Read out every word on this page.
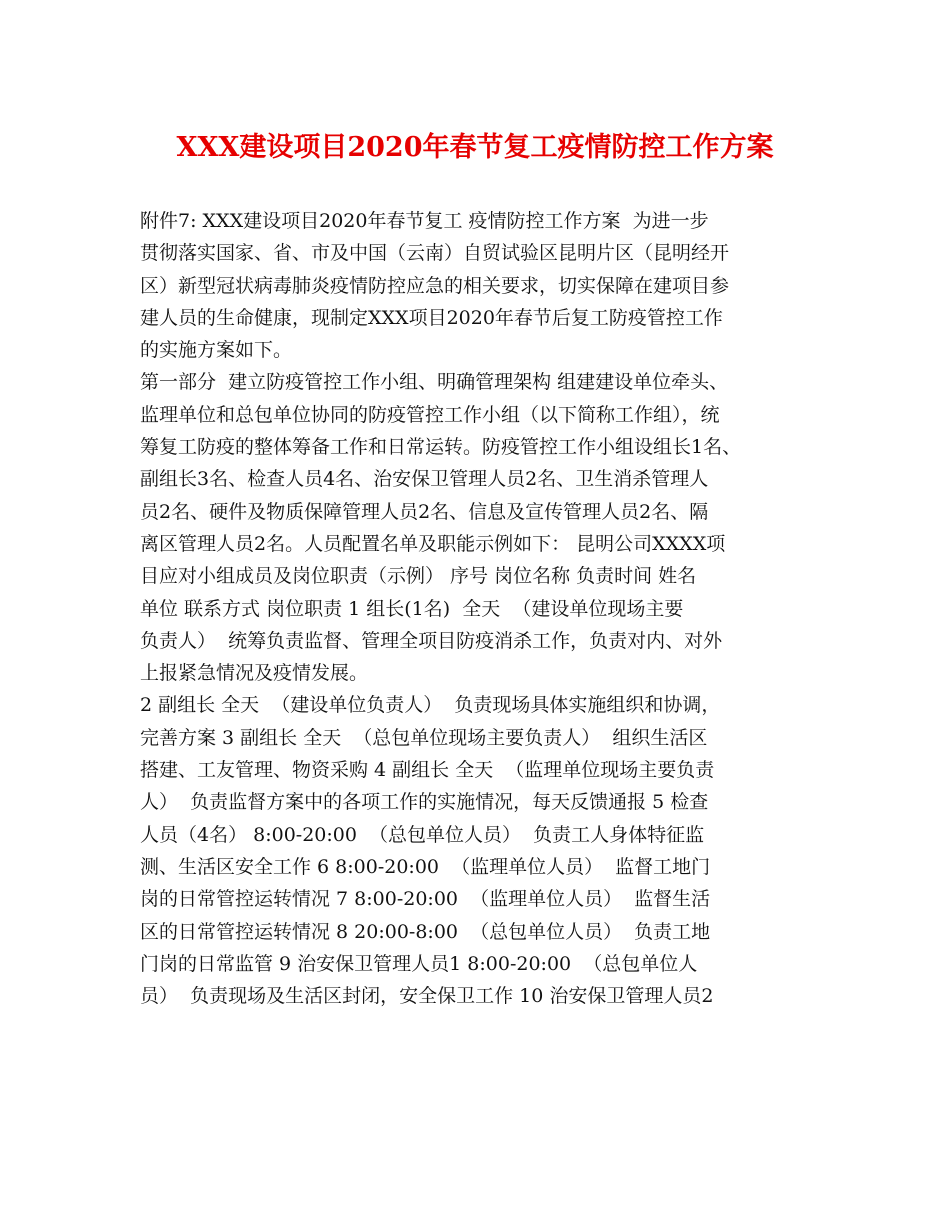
XXX建设项目2020年春节复工疫情防控工作方案
附件7: XXX建设项目2020年春节复工 疫情防控工作方案  为进一步
贯彻落实国家、省、市及中国（云南）自贸试验区昆明片区（昆明经开
区）新型冠状病毒肺炎疫情防控应急的相关要求，切实保障在建项目参
建人员的生命健康，现制定XXX项目2020年春节后复工防疫管控工作
的实施方案如下。
第一部分  建立防疫管控工作小组、明确管理架构 组建建设单位牵头、
监理单位和总包单位协同的防疫管控工作小组（以下简称工作组），统
筹复工防疫的整体筹备工作和日常运转。防疫管控工作小组设组长1名、
副组长3名、检查人员4名、治安保卫管理人员2名、卫生消杀管理人
员2名、硬件及物质保障管理人员2名、信息及宣传管理人员2名、隔
离区管理人员2名。人员配置名单及职能示例如下： 昆明公司XXXX项
目应对小组成员及岗位职责（示例） 序号 岗位名称 负责时间 姓名
单位 联系方式 岗位职责 1 组长(1名)  全天  （建设单位现场主要
负责人）  统筹负责监督、管理全项目防疫消杀工作，负责对内、对外
上报紧急情况及疫情发展。
2 副组长 全天  （建设单位负责人）  负责现场具体实施组织和协调，
完善方案 3 副组长 全天  （总包单位现场主要负责人）  组织生活区
搭建、工友管理、物资采购 4 副组长 全天  （监理单位现场主要负责
人）  负责监督方案中的各项工作的实施情况，每天反馈通报 5 检查
人员（4名） 8:00-20:00  （总包单位人员）  负责工人身体特征监
测、生活区安全工作 6 8:00-20:00  （监理单位人员）  监督工地门
岗的日常管控运转情况 7 8:00-20:00  （监理单位人员）  监督生活
区的日常管控运转情况 8 20:00-8:00  （总包单位人员）  负责工地
门岗的日常监管 9 治安保卫管理人员1 8:00-20:00  （总包单位人
员）  负责现场及生活区封闭，安全保卫工作 10 治安保卫管理人员2
